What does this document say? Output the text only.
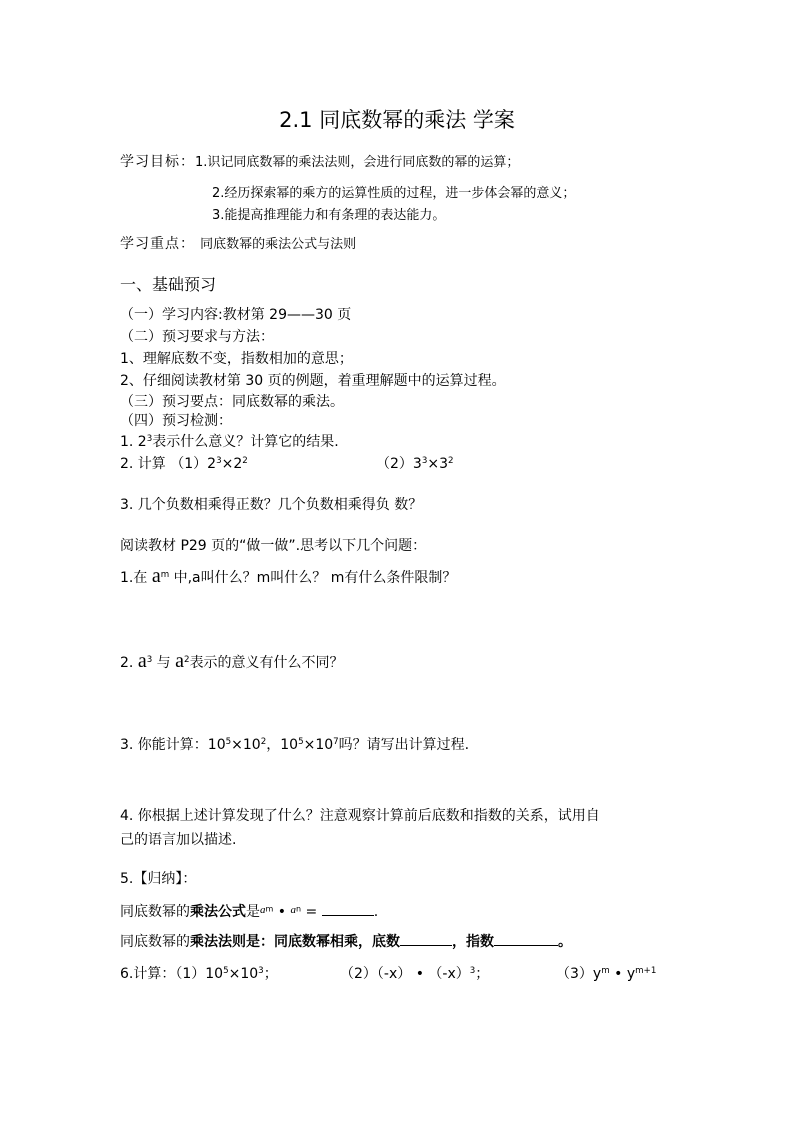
2.1 同底数幂的乘法 学案
学习目标：1.识记同底数幂的乘法法则，会进行同底数的幂的运算；
2.经历探索幂的乘方的运算性质的过程，进一步体会幂的意义；
3.能提高推理能力和有条理的表达能力。
学习重点： 同底数幂的乘法公式与法则
一、基础预习
（一）学习内容:教材第 29——30 页
（二）预习要求与方法：
1、理解底数不变，指数相加的意思；
2、仔细阅读教材第 30 页的例题，着重理解题中的运算过程。
（三）预习要点：同底数幂的乘法。
（四）预习检测：
1. $2^3$表示什么意义？计算它的结果.
2. 计算 $(1)2^3\times 2^2$	$(2)3^3\times 3^2$
3. 几个负数相乘得正数？几个负数相乘得负 数？
阅读教材 P29 页的“做一做”.思考以下几个问题：
1.在 $a^m$ 中,a叫什么？m叫什么？ m有什么条件限制？
2. $a^3$ 与 $a^2$表示的意义有什么不同？
3. 你能计算：$10^5\times 10^2$，$10^5\times 10^7$吗？请写出计算过程.
4. 你根据上述计算发现了什么？注意观察计算前后底数和指数的关系，试用自
己的语言加以描述.
5.【归纳】：
同底数幂的乘法公式是$^{am}$ • $^{an}$ =	.
同底数幂的乘法法则是：同底数幂相乘，底数	，指数	。
6.计算：$(1)10^5\times 10^3$；	（2）（-x） • $(-x)^3$；	$(3)y^m$ • $y^{m+1}$
